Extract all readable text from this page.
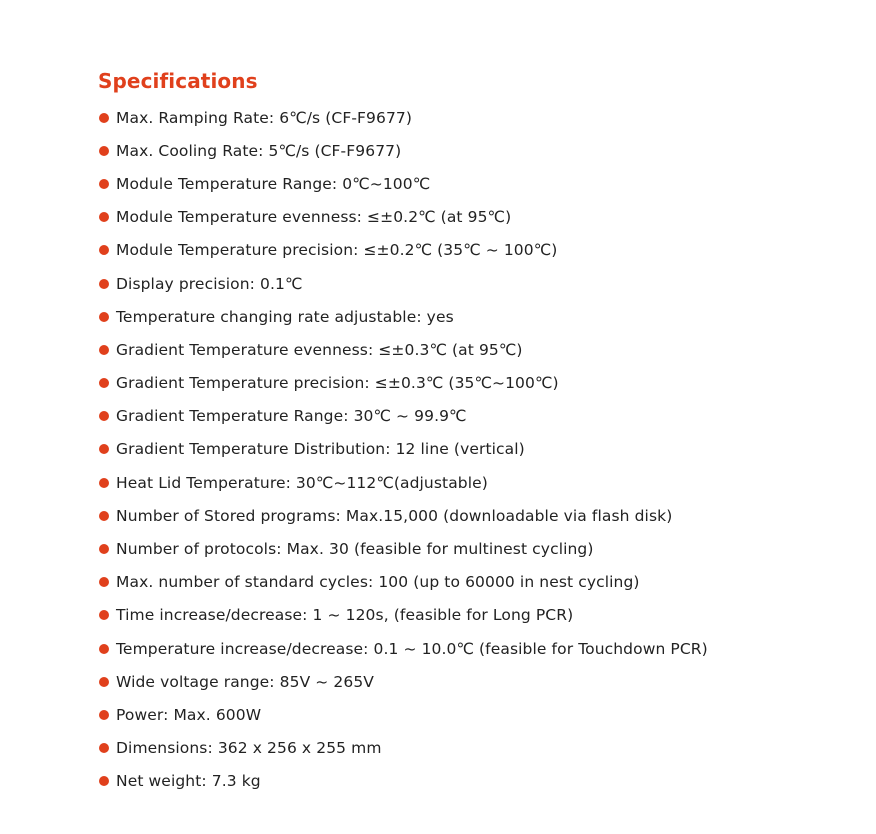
Specifications
Max. Ramping Rate: 6℃/s (CF-F9677)
Max. Cooling Rate: 5℃/s (CF-F9677)
Module Temperature Range: 0℃~100℃
Module Temperature evenness: ≤±0.2℃ (at 95℃)
Module Temperature precision: ≤±0.2℃ (35℃ ~ 100℃)
Display precision: 0.1℃
Temperature changing rate adjustable: yes
Gradient Temperature evenness: ≤±0.3℃ (at 95℃)
Gradient Temperature precision: ≤±0.3℃ (35℃~100℃)
Gradient Temperature Range: 30℃ ~ 99.9℃
Gradient Temperature Distribution: 12 line (vertical)
Heat Lid Temperature: 30℃~112℃(adjustable)
Number of Stored programs: Max.15,000 (downloadable via flash disk)
Number of protocols: Max. 30 (feasible for multinest cycling)
Max. number of standard cycles: 100 (up to 60000 in nest cycling)
Time increase/decrease: 1 ~ 120s, (feasible for Long PCR)
Temperature increase/decrease: 0.1 ~ 10.0℃ (feasible for Touchdown PCR)
Wide voltage range: 85V ~ 265V
Power: Max. 600W
Dimensions: 362 x 256 x 255 mm
Net weight: 7.3 kg
